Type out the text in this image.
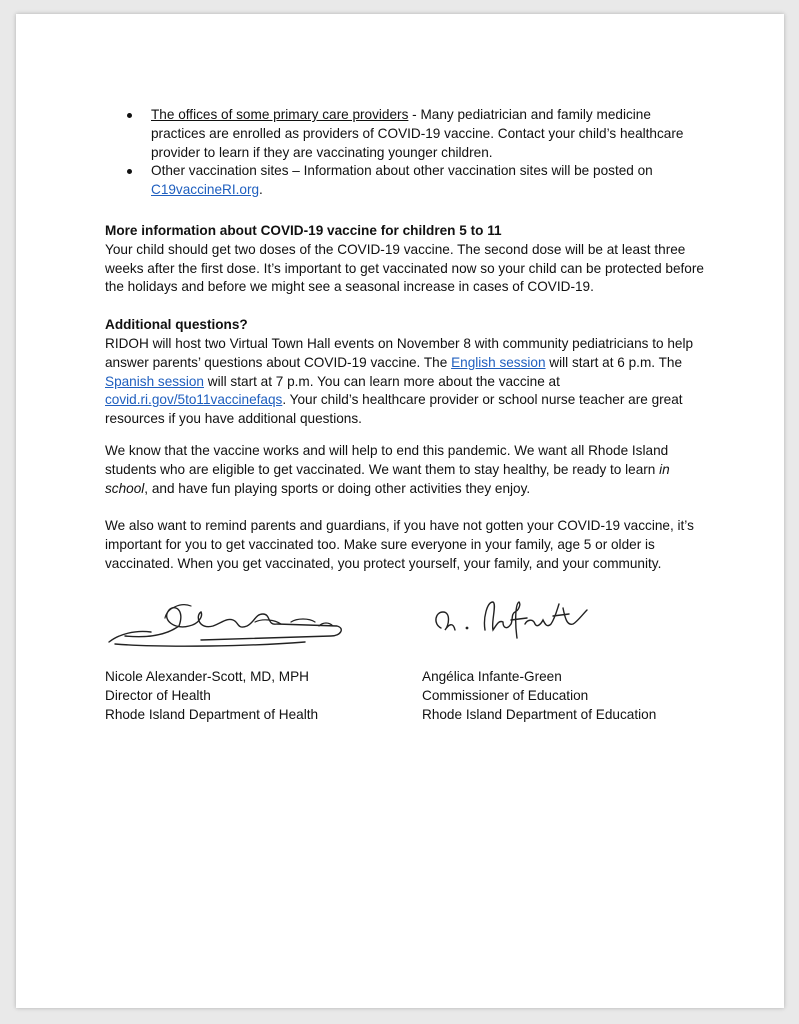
The offices of some primary care providers - Many pediatrician and family medicine practices are enrolled as providers of COVID-19 vaccine. Contact your child’s healthcare provider to learn if they are vaccinating younger children.
Other vaccination sites – Information about other vaccination sites will be posted on C19vaccineRI.org.

More information about COVID-19 vaccine for children 5 to 11

Your child should get two doses of the COVID-19 vaccine. The second dose will be at least three weeks after the first dose. It’s important to get vaccinated now so your child can be protected before the holidays and before we might see a seasonal increase in cases of COVID-19.

Additional questions?

RIDOH will host two Virtual Town Hall events on November 8 with community pediatricians to help answer parents’ questions about COVID-19 vaccine. The English session will start at 6 p.m. The Spanish session will start at 7 p.m. You can learn more about the vaccine at covid.ri.gov/5to11vaccinefaqs. Your child’s healthcare provider or school nurse teacher are great resources if you have additional questions.

We know that the vaccine works and will help to end this pandemic. We want all Rhode Island students who are eligible to get vaccinated. We want them to stay healthy, be ready to learn in school, and have fun playing sports or doing other activities they enjoy.

We also want to remind parents and guardians, if you have not gotten your COVID-19 vaccine, it’s important for you to get vaccinated too. Make sure everyone in your family, age 5 or older is vaccinated. When you get vaccinated, you protect yourself, your family, and your community.

Nicole Alexander-Scott, MD, MPH
Director of Health
Rhode Island Department of Health
Angélica Infante-Green
Commissioner of Education
Rhode Island Department of Education
